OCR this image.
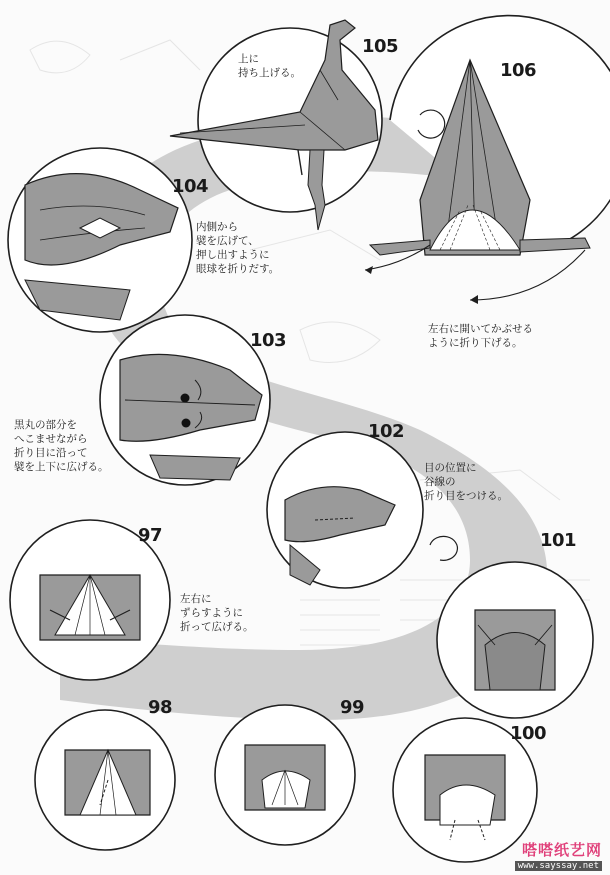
105
106
104
103
102
97	101
98	99
100
上に
持ち上げる。
左右に開いてかぶせる
ように折り下げる。
内側から
襞を広げて、
押し出すように
眼球を折りだす。
黒丸の部分を
へこませながら
折り目に沿って
襞を上下に広げる。	目の位置に
谷線の
折り目をつける。
左右に
ずらすように
折って広げる。
嗒嗒纸艺网
www.sayssay.net
